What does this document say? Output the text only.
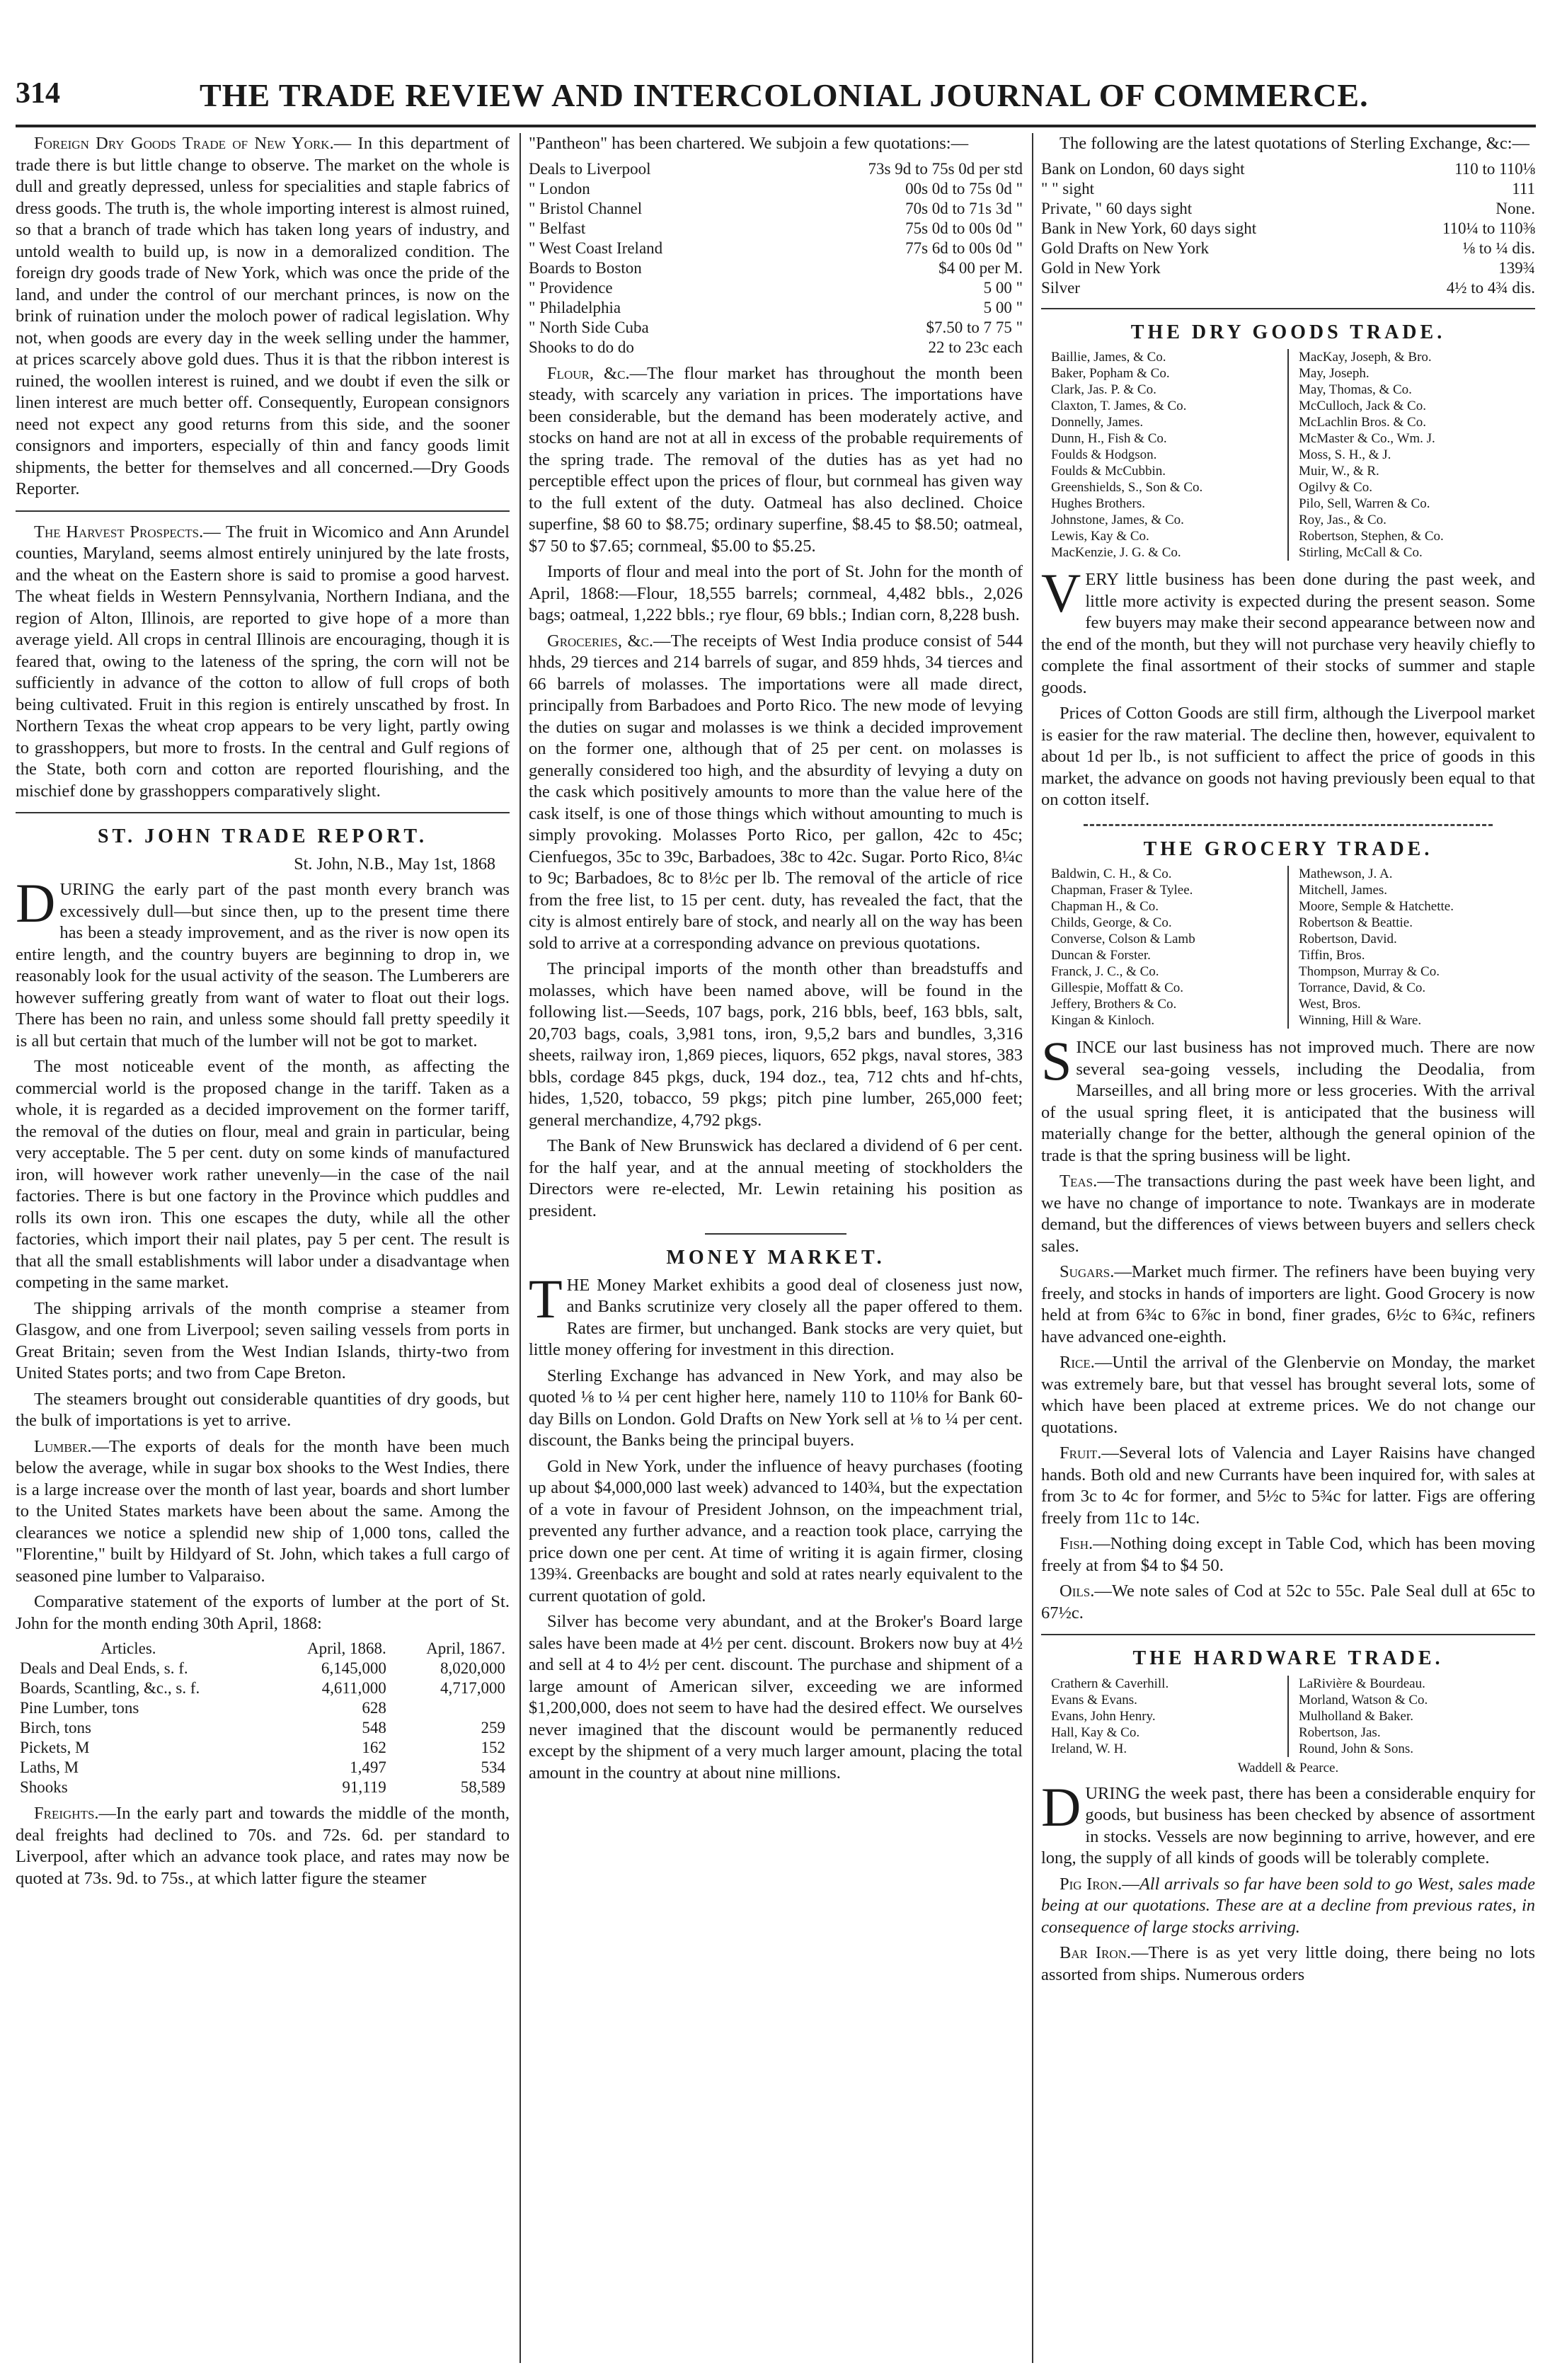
314	THE TRADE REVIEW AND INTERCOLONIAL JOURNAL OF COMMERCE.

Foreign Dry Goods Trade of New York.— In this department of trade there is but little change to observe. The market on the whole is dull and greatly depressed, unless for specialities and staple fabrics of dress goods. The truth is, the whole importing interest is almost ruined, so that a branch of trade which has taken long years of industry, and untold wealth to build up, is now in a demoralized condition. The foreign dry goods trade of New York, which was once the pride of the land, and under the control of our merchant princes, is now on the brink of ruination under the moloch power of radical legislation. Why not, when goods are every day in the week selling under the hammer, at prices scarcely above gold dues. Thus it is that the ribbon interest is ruined, the woollen interest is ruined, and we doubt if even the silk or linen interest are much better off. Consequently, European consignors need not expect any good returns from this side, and the sooner consignors and importers, especially of thin and fancy goods limit shipments, the better for themselves and all concerned.—Dry Goods Reporter.

The Harvest Prospects.— The fruit in Wicomico and Ann Arundel counties, Maryland, seems almost entirely uninjured by the late frosts, and the wheat on the Eastern shore is said to promise a good harvest. The wheat fields in Western Pennsylvania, Northern Indiana, and the region of Alton, Illinois, are reported to give hope of a more than average yield. All crops in central Illinois are encouraging, though it is feared that, owing to the lateness of the spring, the corn will not be sufficiently in advance of the cotton to allow of full crops of both being cultivated. Fruit in this region is entirely unscathed by frost. In Northern Texas the wheat crop appears to be very light, partly owing to grasshoppers, but more to frosts. In the central and Gulf regions of the State, both corn and cotton are reported flourishing, and the mischief done by grasshoppers comparatively slight.

ST. JOHN TRADE REPORT.
St. John, N.B., May 1st, 1868

DURING the early part of the past month every branch was excessively dull—but since then, up to the present time there has been a steady improvement, and as the river is now open its entire length, and the country buyers are beginning to drop in, we reasonably look for the usual activity of the season. The Lumberers are however suffering greatly from want of water to float out their logs. There has been no rain, and unless some should fall pretty speedily it is all but certain that much of the lumber will not be got to market.

The most noticeable event of the month, as affecting the commercial world is the proposed change in the tariff. Taken as a whole, it is regarded as a decided improvement on the former tariff, the removal of the duties on flour, meal and grain in particular, being very acceptable. The 5 per cent. duty on some kinds of manufactured iron, will however work rather unevenly—in the case of the nail factories. There is but one factory in the Province which puddles and rolls its own iron. This one escapes the duty, while all the other factories, which import their nail plates, pay 5 per cent. The result is that all the small establishments will labor under a disadvantage when competing in the same market.

The shipping arrivals of the month comprise a steamer from Glasgow, and one from Liverpool; seven sailing vessels from ports in Great Britain; seven from the West Indian Islands, thirty-two from United States ports; and two from Cape Breton.

The steamers brought out considerable quantities of dry goods, but the bulk of importations is yet to arrive.

Lumber.—The exports of deals for the month have been much below the average, while in sugar box shooks to the West Indies, there is a large increase over the month of last year, boards and short lumber to the United States markets have been about the same. Among the clearances we notice a splendid new ship of 1,000 tons, called the "Florentine," built by Hildyard of St. John, which takes a full cargo of seasoned pine lumber to Valparaiso.

Comparative statement of the exports of lumber at the port of St. John for the month ending 30th April, 1868:

Articles.	April, 1868.	April, 1867.
Deals and Deal Ends, s. f.	6,145,000	8,020,000
Boards, Scantling, &c., s. f.	4,611,000	4,717,000
Pine Lumber, tons	628	
Birch, tons	548	259
Pickets, M	162	152
Laths, M	1,497	534
Shooks	91,119	58,589

Freights.—In the early part and towards the middle of the month, deal freights had declined to 70s. and 72s. 6d. per standard to Liverpool, after which an advance took place, and rates may now be quoted at 73s. 9d. to 75s., at which latter figure the steamer

"Pantheon" has been chartered. We subjoin a few quotations:—

Deals to Liverpool	73s 9d to 75s 0d per std
" London	00s 0d to 75s 0d "
" Bristol Channel	70s 0d to 71s 3d "
" Belfast	75s 0d to 00s 0d "
" West Coast Ireland	77s 6d to 00s 0d "
Boards to Boston	$4 00 per M.
" Providence	5 00 "
" Philadelphia	5 00 "
" North Side Cuba	$7.50 to 7 75 "
Shooks to do do	22 to 23c each

Flour, &c.—The flour market has throughout the month been steady, with scarcely any variation in prices. The importations have been considerable, but the demand has been moderately active, and stocks on hand are not at all in excess of the probable requirements of the spring trade. The removal of the duties has as yet had no perceptible effect upon the prices of flour, but cornmeal has given way to the full extent of the duty. Oatmeal has also declined. Choice superfine, $8 60 to $8.75; ordinary superfine, $8.45 to $8.50; oatmeal, $7 50 to $7.65; cornmeal, $5.00 to $5.25.

Imports of flour and meal into the port of St. John for the month of April, 1868:—Flour, 18,555 barrels; cornmeal, 4,482 bbls., 2,026 bags; oatmeal, 1,222 bbls.; rye flour, 69 bbls.; Indian corn, 8,228 bush.

Groceries, &c.—The receipts of West India produce consist of 544 hhds, 29 tierces and 214 barrels of sugar, and 859 hhds, 34 tierces and 66 barrels of molasses. The importations were all made direct, principally from Barbadoes and Porto Rico. The new mode of levying the duties on sugar and molasses is we think a decided improvement on the former one, although that of 25 per cent. on molasses is generally considered too high, and the absurdity of levying a duty on the cask which positively amounts to more than the value here of the cask itself, is one of those things which without amounting to much is simply provoking. Molasses Porto Rico, per gallon, 42c to 45c; Cienfuegos, 35c to 39c, Barbadoes, 38c to 42c. Sugar. Porto Rico, 8¼c to 9c; Barbadoes, 8c to 8½c per lb. The removal of the article of rice from the free list, to 15 per cent. duty, has revealed the fact, that the city is almost entirely bare of stock, and nearly all on the way has been sold to arrive at a corresponding advance on previous quotations.

The principal imports of the month other than breadstuffs and molasses, which have been named above, will be found in the following list.—Seeds, 107 bags, pork, 216 bbls, beef, 163 bbls, salt, 20,703 bags, coals, 3,981 tons, iron, 9,5,2 bars and bundles, 3,316 sheets, railway iron, 1,869 pieces, liquors, 652 pkgs, naval stores, 383 bbls, cordage 845 pkgs, duck, 194 doz., tea, 712 chts and hf-chts, hides, 1,520, tobacco, 59 pkgs; pitch pine lumber, 265,000 feet; general merchandize, 4,792 pkgs.

The Bank of New Brunswick has declared a dividend of 6 per cent. for the half year, and at the annual meeting of stockholders the Directors were re-elected, Mr. Lewin retaining his position as president.

MONEY MARKET.

THE Money Market exhibits a good deal of closeness just now, and Banks scrutinize very closely all the paper offered to them. Rates are firmer, but unchanged. Bank stocks are very quiet, but little money offering for investment in this direction.

Sterling Exchange has advanced in New York, and may also be quoted ⅛ to ¼ per cent higher here, namely 110 to 110⅛ for Bank 60-day Bills on London. Gold Drafts on New York sell at ⅛ to ¼ per cent. discount, the Banks being the principal buyers.

Gold in New York, under the influence of heavy purchases (footing up about $4,000,000 last week) advanced to 140¾, but the expectation of a vote in favour of President Johnson, on the impeachment trial, prevented any further advance, and a reaction took place, carrying the price down one per cent. At time of writing it is again firmer, closing 139¾. Greenbacks are bought and sold at rates nearly equivalent to the current quotation of gold.

Silver has become very abundant, and at the Broker's Board large sales have been made at 4½ per cent. discount. Brokers now buy at 4½ and sell at 4 to 4½ per cent. discount. The purchase and shipment of a large amount of American silver, exceeding we are informed $1,200,000, does not seem to have had the desired effect. We ourselves never imagined that the discount would be permanently reduced except by the shipment of a very much larger amount, placing the total amount in the country at about nine millions.

The following are the latest quotations of Sterling Exchange, &c:—

Bank on London, 60 days sight	110 to 110⅛
" " sight	111
Private, " 60 days sight	None.
Bank in New York, 60 days sight	110¼ to 110⅜
Gold Drafts on New York	⅛ to ¼ dis.
Gold in New York	139¾
Silver	4½ to 4¾ dis.
THE DRY GOODS TRADE.
Baillie, James, & Co.
Baker, Popham & Co.
Clark, Jas. P. & Co.
Claxton, T. James, & Co.
Donnelly, James.
Dunn, H., Fish & Co.
Foulds & Hodgson.
Foulds & McCubbin.
Greenshields, S., Son & Co.
Hughes Brothers.
Johnstone, James, & Co.
Lewis, Kay & Co.
MacKenzie, J. G. & Co.
MacKay, Joseph, & Bro.
May, Joseph.
May, Thomas, & Co.
McCulloch, Jack & Co.
McLachlin Bros. & Co.
McMaster & Co., Wm. J.
Moss, S. H., & J.
Muir, W., & R.
Ogilvy & Co.
Pilo, Sell, Warren & Co.
Roy, Jas., & Co.
Robertson, Stephen, & Co.
Stirling, McCall & Co.

VERY little business has been done during the past week, and little more activity is expected during the present season. Some few buyers may make their second appearance between now and the end of the month, but they will not purchase very heavily chiefly to complete the final assortment of their stocks of summer and staple goods.

Prices of Cotton Goods are still firm, although the Liverpool market is easier for the raw material. The decline then, however, equivalent to about 1d per lb., is not sufficient to affect the price of goods in this market, the advance on goods not having previously been equal to that on cotton itself.

THE GROCERY TRADE.
Baldwin, C. H., & Co.
Chapman, Fraser & Tylee.
Chapman H., & Co.
Childs, George, & Co.
Converse, Colson & Lamb
Duncan & Forster.
Franck, J. C., & Co.
Gillespie, Moffatt & Co.
Jeffery, Brothers & Co.
Kingan & Kinloch.
Mathewson, J. A.
Mitchell, James.
Moore, Semple & Hatchette.
Robertson & Beattie.
Robertson, David.
Tiffin, Bros.
Thompson, Murray & Co.
Torrance, David, & Co.
West, Bros.
Winning, Hill & Ware.

SINCE our last business has not improved much. There are now several sea-going vessels, including the Deodalia, from Marseilles, and all bring more or less groceries. With the arrival of the usual spring fleet, it is anticipated that the business will materially change for the better, although the general opinion of the trade is that the spring business will be light.

Teas.—The transactions during the past week have been light, and we have no change of importance to note. Twankays are in moderate demand, but the differences of views between buyers and sellers check sales.

Sugars.—Market much firmer. The refiners have been buying very freely, and stocks in hands of importers are light. Good Grocery is now held at from 6¾c to 6⅞c in bond, finer grades, 6½c to 6¾c, refiners have advanced one-eighth.

Rice.—Until the arrival of the Glenbervie on Monday, the market was extremely bare, but that vessel has brought several lots, some of which have been placed at extreme prices. We do not change our quotations.

Fruit.—Several lots of Valencia and Layer Raisins have changed hands. Both old and new Currants have been inquired for, with sales at from 3c to 4c for former, and 5½c to 5¾c for latter. Figs are offering freely from 11c to 14c.

Fish.—Nothing doing except in Table Cod, which has been moving freely at from $4 to $4 50.

Oils.—We note sales of Cod at 52c to 55c. Pale Seal dull at 65c to 67½c.

THE HARDWARE TRADE.
Crathern & Caverhill.
Evans & Evans.
Evans, John Henry.
Hall, Kay & Co.
Ireland, W. H.
LaRivière & Bourdeau.
Morland, Watson & Co.
Mulholland & Baker.
Robertson, Jas.
Round, John & Sons.
Waddell & Pearce.

DURING the week past, there has been a considerable enquiry for goods, but business has been checked by absence of assortment in stocks. Vessels are now beginning to arrive, however, and ere long, the supply of all kinds of goods will be tolerably complete.

Pig Iron.—All arrivals so far have been sold to go West, sales made being at our quotations. These are at a decline from previous rates, in consequence of large stocks arriving.

Bar Iron.—There is as yet very little doing, there being no lots assorted from ships. Numerous orders
